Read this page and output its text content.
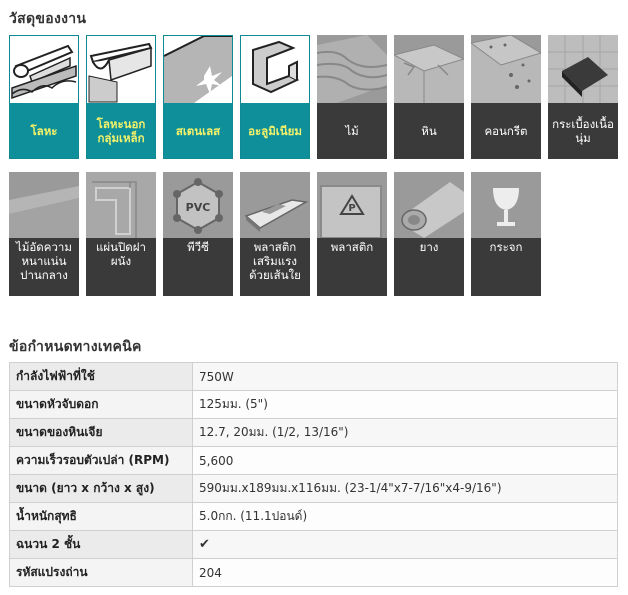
วัสดุของงาน
โลหะ	โลหะนอกกลุ่มเหล็ก	สเตนเลส	อะลูมิเนียม	ไม้	หิน	คอนกรีต	กระเบื้องเนื้อนุ่ม
ไม้อัดความหนาแน่นปานกลาง
แผ่นปิดฝาผนัง
PVC
พีวีซี	พลาสติกเสริมแรงด้วยเส้นใย
P
พลาสติก	ยาง	กระจก
ข้อกำหนดทางเทคนิค
กำลังไฟฟ้าที่ใช้	750W
ขนาดหัวจับดอก	125มม. (5")
ขนาดของหินเจีย	12.7, 20มม. (1/2, 13/16")
ความเร็วรอบตัวเปล่า (RPM)	5,600
ขนาด (ยาว x กว้าง x สูง)	590มม.x189มม.x116มม. (23-1/4"x7-7/16"x4-9/16")
น้ำหนักสุทธิ	5.0กก. (11.1ปอนด์)
ฉนวน 2 ชั้น	✔
รหัสแปรงถ่าน	204
